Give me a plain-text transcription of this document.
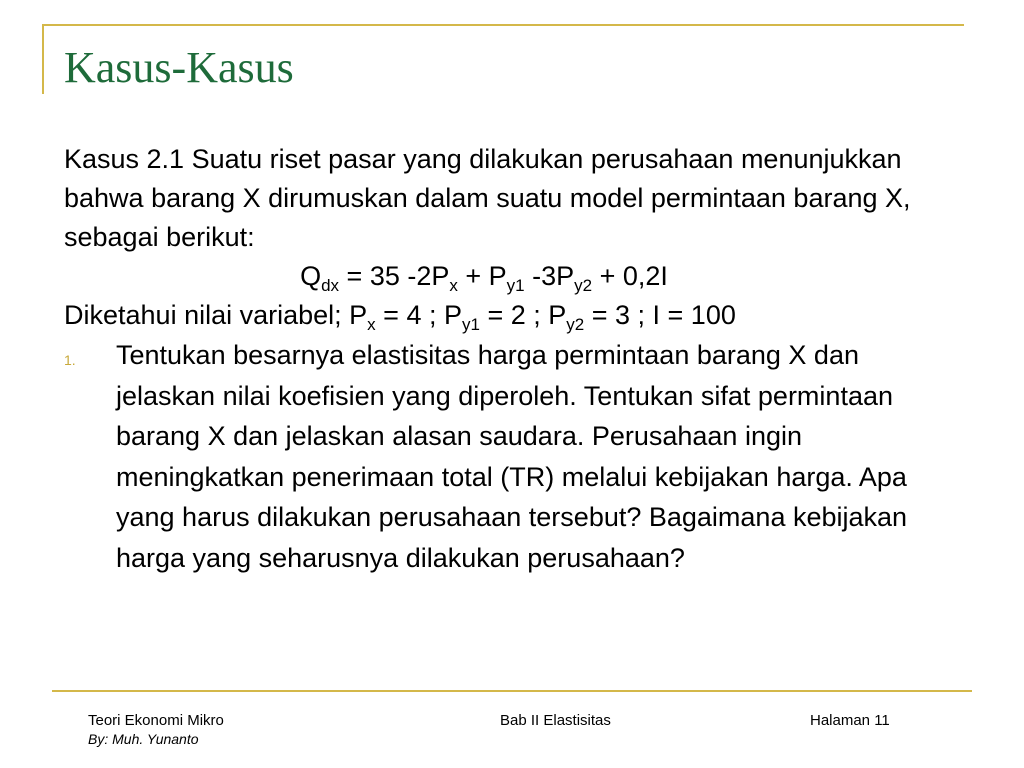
Kasus-Kasus

Kasus 2.1 Suatu riset pasar yang dilakukan perusahaan menunjukkan bahwa barang X dirumuskan dalam suatu model permintaan barang X, sebagai berikut:

$Q_{dx} = 35$ $-2P_x + P_{y1}$ $-3P_{y2} + 0,2I$

Diketahui nilai variabel; $P_x = 4$ ; $P_{y1} = 2$ ; $P_{y2} = 3$ ; I = 100

1.	Tentukan besarnya elastisitas harga permintaan barang X dan jelaskan nilai koefisien yang diperoleh. Tentukan sifat permintaan barang X dan jelaskan alasan saudara. Perusahaan ingin meningkatkan penerimaan total (TR) melalui kebijakan harga. Apa yang harus dilakukan perusahaan tersebut? Bagaimana kebijakan harga yang seharusnya dilakukan perusahaan?
Teori Ekonomi Mikro
By: Muh. Yunanto
Bab II Elastisitas	Halaman 11
